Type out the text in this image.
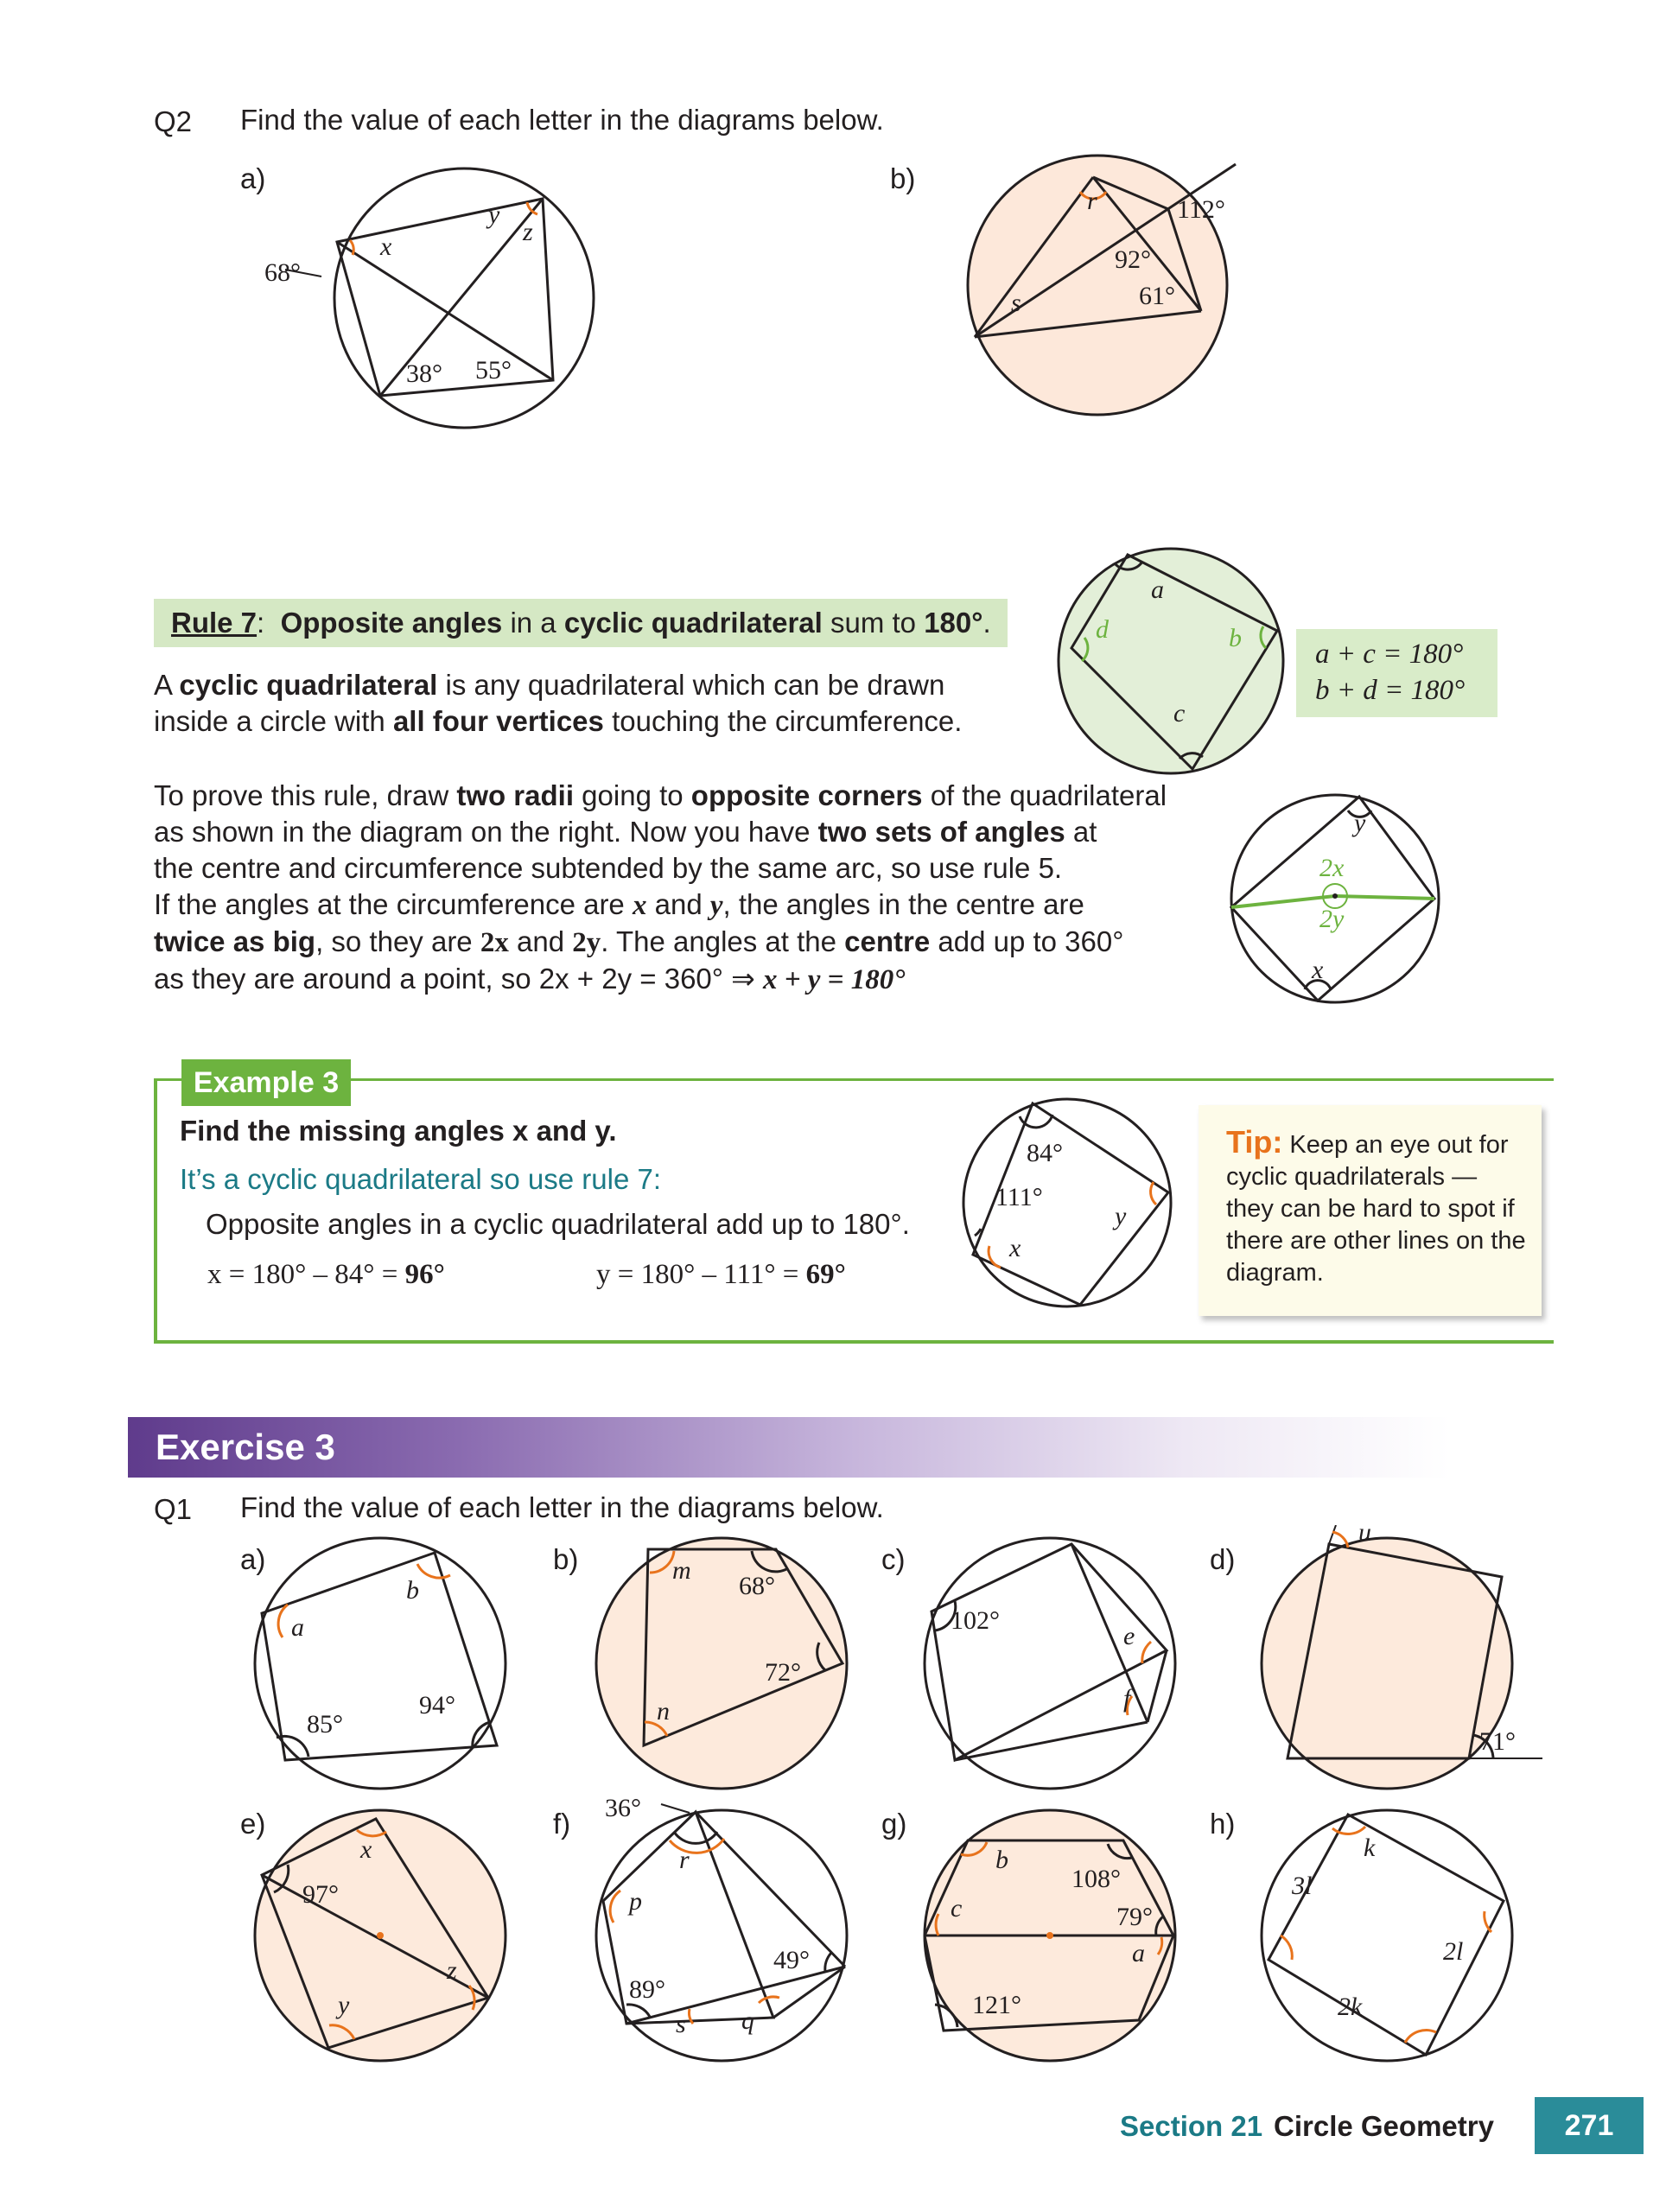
Q2 Find the value of each letter in the diagrams below.
a)	b)
68°
x
y
z
38° 55°
r	112°
92°
61°
s
Rule 7: Opposite angles in a cyclic quadrilateral sum to 180°.
A cyclic quadrilateral is any quadrilateral which can be drawn
inside a circle with all four vertices touching the circumference.
a
b
c
d
a + c = 180°
b + d = 180°
To prove this rule, draw two radii going to opposite corners of the quadrilateral
as shown in the diagram on the right. Now you have two sets of angles at
the centre and circumference subtended by the same arc, so use rule 5.
If the angles at the circumference are x and y, the angles in the centre are
twice as big, so they are 2x and 2y. The angles at the centre add up to 360°
as they are around a point, so 2x + 2y = 360° ⇒ x + y = 180°
y
2x
2y
x
Example 3
Find the missing angles x and y.
It’s a cyclic quadrilateral so use rule 7:
Opposite angles in a cyclic quadrilateral add up to 180°.
x = 180° – 84° = 96°	y = 180° – 111° = 69°
84°
111°
y
x
Tip: Keep an eye out for cyclic quadrilaterals — they can be hard to spot if there are other lines on the diagram.
Exercise 3
Q1 Find the value of each letter in the diagrams below.
a)	b)	c)	d)
e)	f)	g)	h)
a
b
85°
94°
m
68°
72°
n
102°
e
f
u
71°
97°
x
z
y
36°
r
p
49°
89°
s q
b
108°
c	79°
a
121°
k
3l
2l
2k
Section 21 Circle Geometry	271
